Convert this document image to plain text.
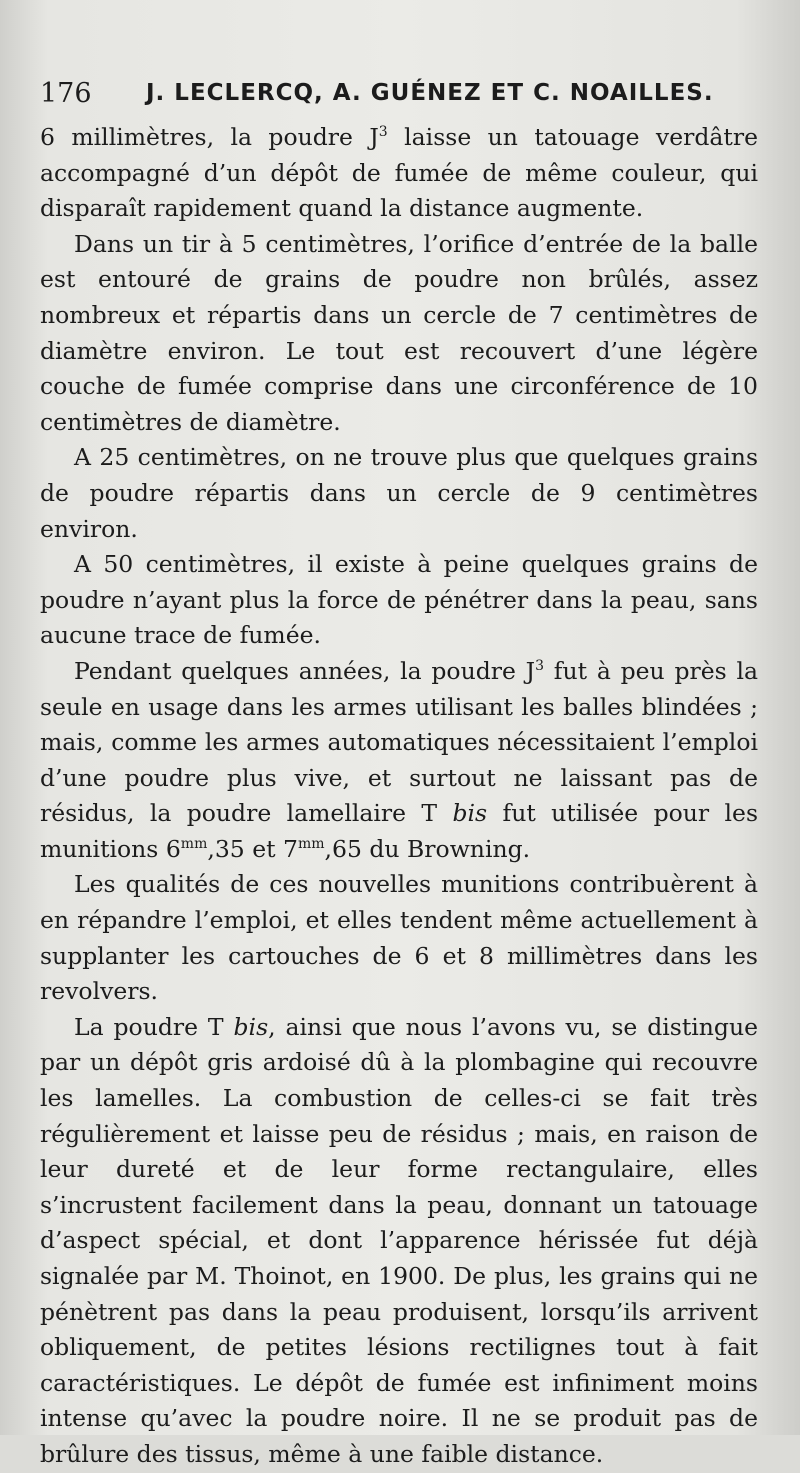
176 J. LECLERCQ, A. GUÉNEZ ET C. NOAILLES.

6 millimètres, la poudre $J^3$ laisse un tatouage verdâtre accompagné d’un dépôt de fumée de même couleur, qui disparaît rapidement quand la distance augmente.

Dans un tir à 5 centimètres, l’orifice d’entrée de la balle est entouré de grains de poudre non brûlés, assez nombreux et répartis dans un cercle de 7 centimètres de diamètre environ. Le tout est recouvert d’une légère couche de fumée comprise dans une circonférence de 10 centimètres de diamètre.

A 25 centimètres, on ne trouve plus que quelques grains de poudre répartis dans un cercle de 9 centimètres environ.

A 50 centimètres, il existe à peine quelques grains de poudre n’ayant plus la force de pénétrer dans la peau, sans aucune trace de fumée.

Pendant quelques années, la poudre $J^3$ fut à peu près la seule en usage dans les armes utilisant les balles blindées ; mais, comme les armes automatiques nécessitaient l’emploi d’une poudre plus vive, et surtout ne laissant pas de résidus, la poudre lamellaire T bis fut utilisée pour les munitions $6^{mm},35$ et $7^{mm},65$ du Browning.

Les qualités de ces nouvelles munitions contribuèrent à en répandre l’emploi, et elles tendent même actuellement à supplanter les cartouches de 6 et 8 millimètres dans les revolvers.

La poudre T bis, ainsi que nous l’avons vu, se distingue par un dépôt gris ardoisé dû à la plombagine qui recouvre les lamelles. La combustion de celles-ci se fait très régulièrement et laisse peu de résidus ; mais, en raison de leur dureté et de leur forme rectangulaire, elles s’incrustent facilement dans la peau, donnant un tatouage d’aspect spécial, et dont l’apparence hérissée fut déjà signalée par M. Thoinot, en 1900. De plus, les grains qui ne pénètrent pas dans la peau produisent, lorsqu’ils arrivent obliquement, de petites lésions rectilignes tout à fait caractéristiques. Le dépôt de fumée est infiniment moins intense qu’avec la poudre noire. Il ne se produit pas de brûlure des tissus, même à une faible distance.
